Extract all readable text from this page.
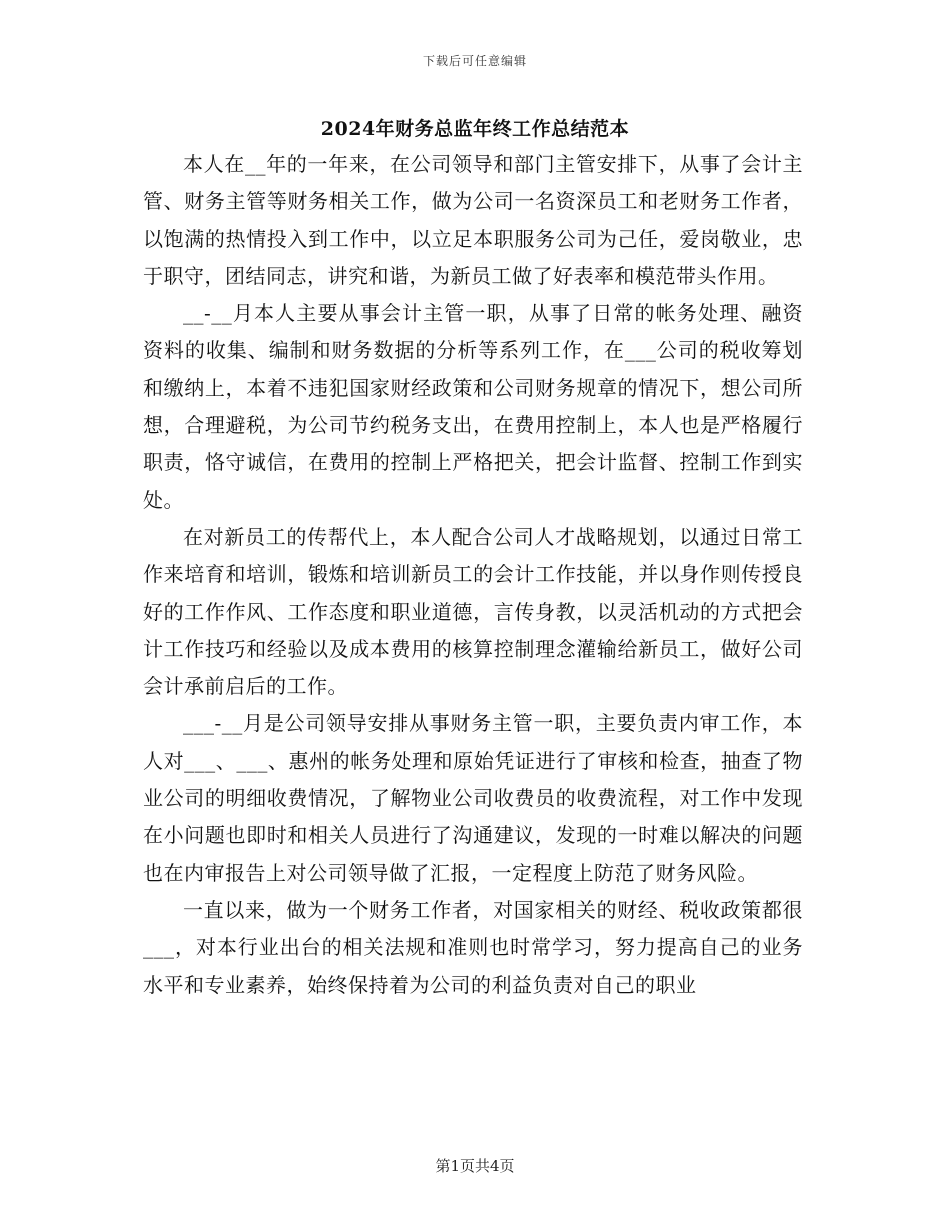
下载后可任意编辑
2024年财务总监年终工作总结范本

本人在__年的一年来，在公司领导和部门主管安排下，从事了会计主管、财务主管等财务相关工作，做为公司一名资深员工和老财务工作者，以饱满的热情投入到工作中，以立足本职服务公司为己任，爱岗敬业，忠于职守，团结同志，讲究和谐，为新员工做了好表率和模范带头作用。

__-__月本人主要从事会计主管一职，从事了日常的帐务处理、融资资料的收集、编制和财务数据的分析等系列工作，在___公司的税收筹划和缴纳上，本着不违犯国家财经政策和公司财务规章的情况下，想公司所想，合理避税，为公司节约税务支出，在费用控制上，本人也是严格履行职责，恪守诚信，在费用的控制上严格把关，把会计监督、控制工作到实处。

在对新员工的传帮代上，本人配合公司人才战略规划，以通过日常工作来培育和培训，锻炼和培训新员工的会计工作技能，并以身作则传授良好的工作作风、工作态度和职业道德，言传身教，以灵活机动的方式把会计工作技巧和经验以及成本费用的核算控制理念灌输给新员工，做好公司会计承前启后的工作。

___-__月是公司领导安排从事财务主管一职，主要负责内审工作，本人对___、___、惠州的帐务处理和原始凭证进行了审核和检查，抽查了物业公司的明细收费情况，了解物业公司收费员的收费流程，对工作中发现在小问题也即时和相关人员进行了沟通建议，发现的一时难以解决的问题也在内审报告上对公司领导做了汇报，一定程度上防范了财务风险。

一直以来，做为一个财务工作者，对国家相关的财经、税收政策都很___，对本行业出台的相关法规和准则也时常学习，努力提高自己的业务水平和专业素养，始终保持着为公司的利益负责对自己的职业

第1页共4页
